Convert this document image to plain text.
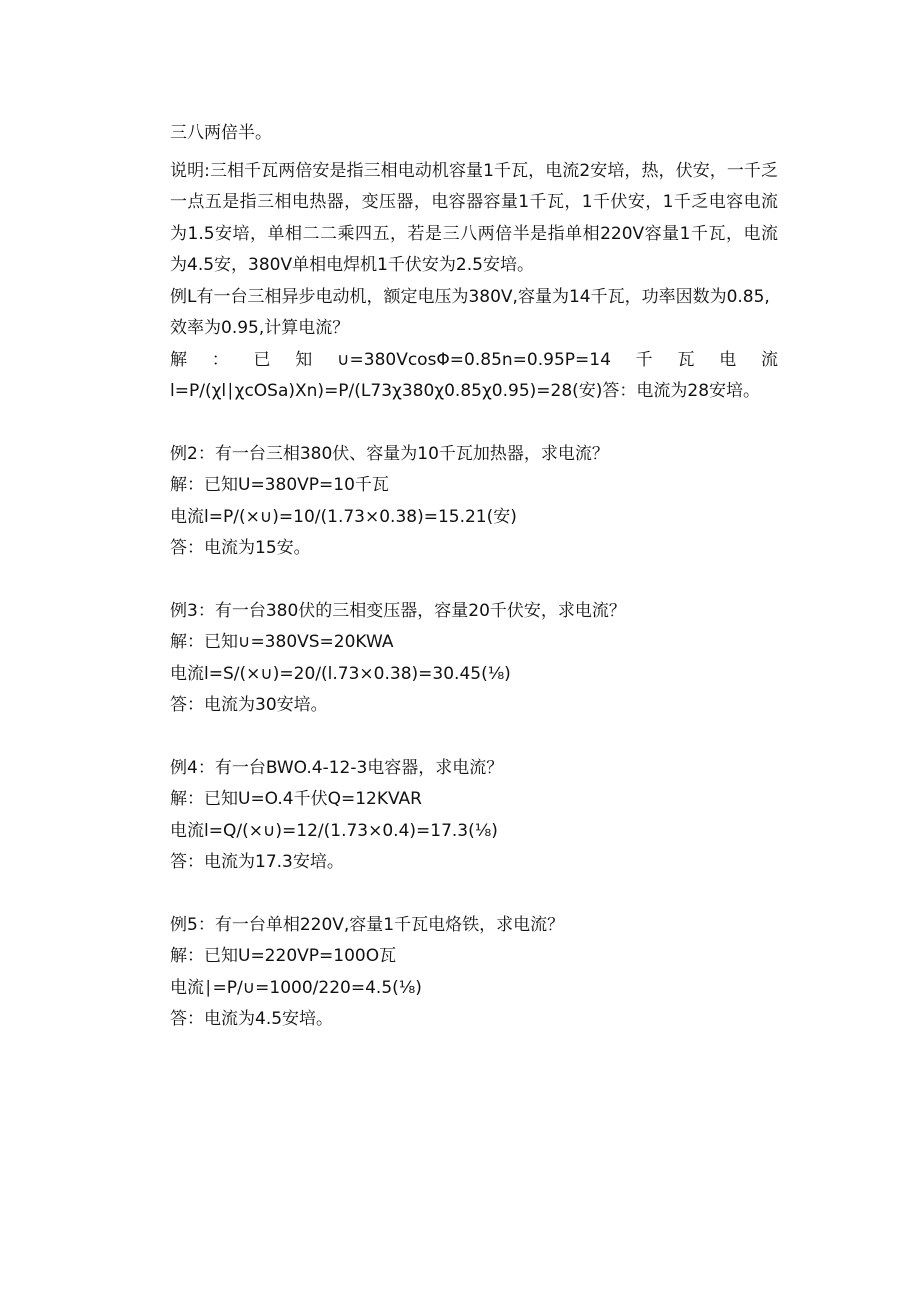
三八两倍半。

说明:三相千瓦两倍安是指三相电动机容量1千瓦，电流2安培，热，伏安，一千乏一点五是指三相电热器，变压器，电容器容量1千瓦，1千伏安，1千乏电容电流为1.5安培，单相二二乘四五，若是三八两倍半是指单相220V容量1千瓦，电流为4.5安，380V单相电焊机1千伏安为2.5安培。

例L有一台三相异步电动机，额定电压为380V,容量为14千瓦，功率因数为0.85,效率为0.95,计算电流？

解 ： 已 知 ∪=380VcosΦ=0.85n=0.95P=14 千 瓦 电 流

l=P∕(χl∣χcOSa)Xn)=P/(L73χ380χ0.85χ0.95)=28(安)答：电流为28安培。

例2：有一台三相380伏、容量为10千瓦加热器，求电流？

解：已知U=380VP=10千瓦

电流l=P∕(×∪)=10∕(1.73×0.38)=15.21(安)

答：电流为15安。

例3：有一台380伏的三相变压器，容量20千伏安，求电流？

解：已知∪=380VS=20KWA

电流l=S∕(×∪)=20∕(l.73×0.38)=30.45(⅛)

答：电流为30安培。

例4：有一台BWO.4-12-3电容器，求电流？

解：已知U=O.4千伏Q=12KVAR

电流l=Q∕(×∪)=12∕(1.73×0.4)=17.3(⅛)

答：电流为17.3安培。

例5：有一台单相220V,容量1千瓦电烙铁，求电流？

解：已知U=220VP=100O瓦

电流∣=P∕∪=1000∕220=4.5(⅛)

答：电流为4.5安培。
